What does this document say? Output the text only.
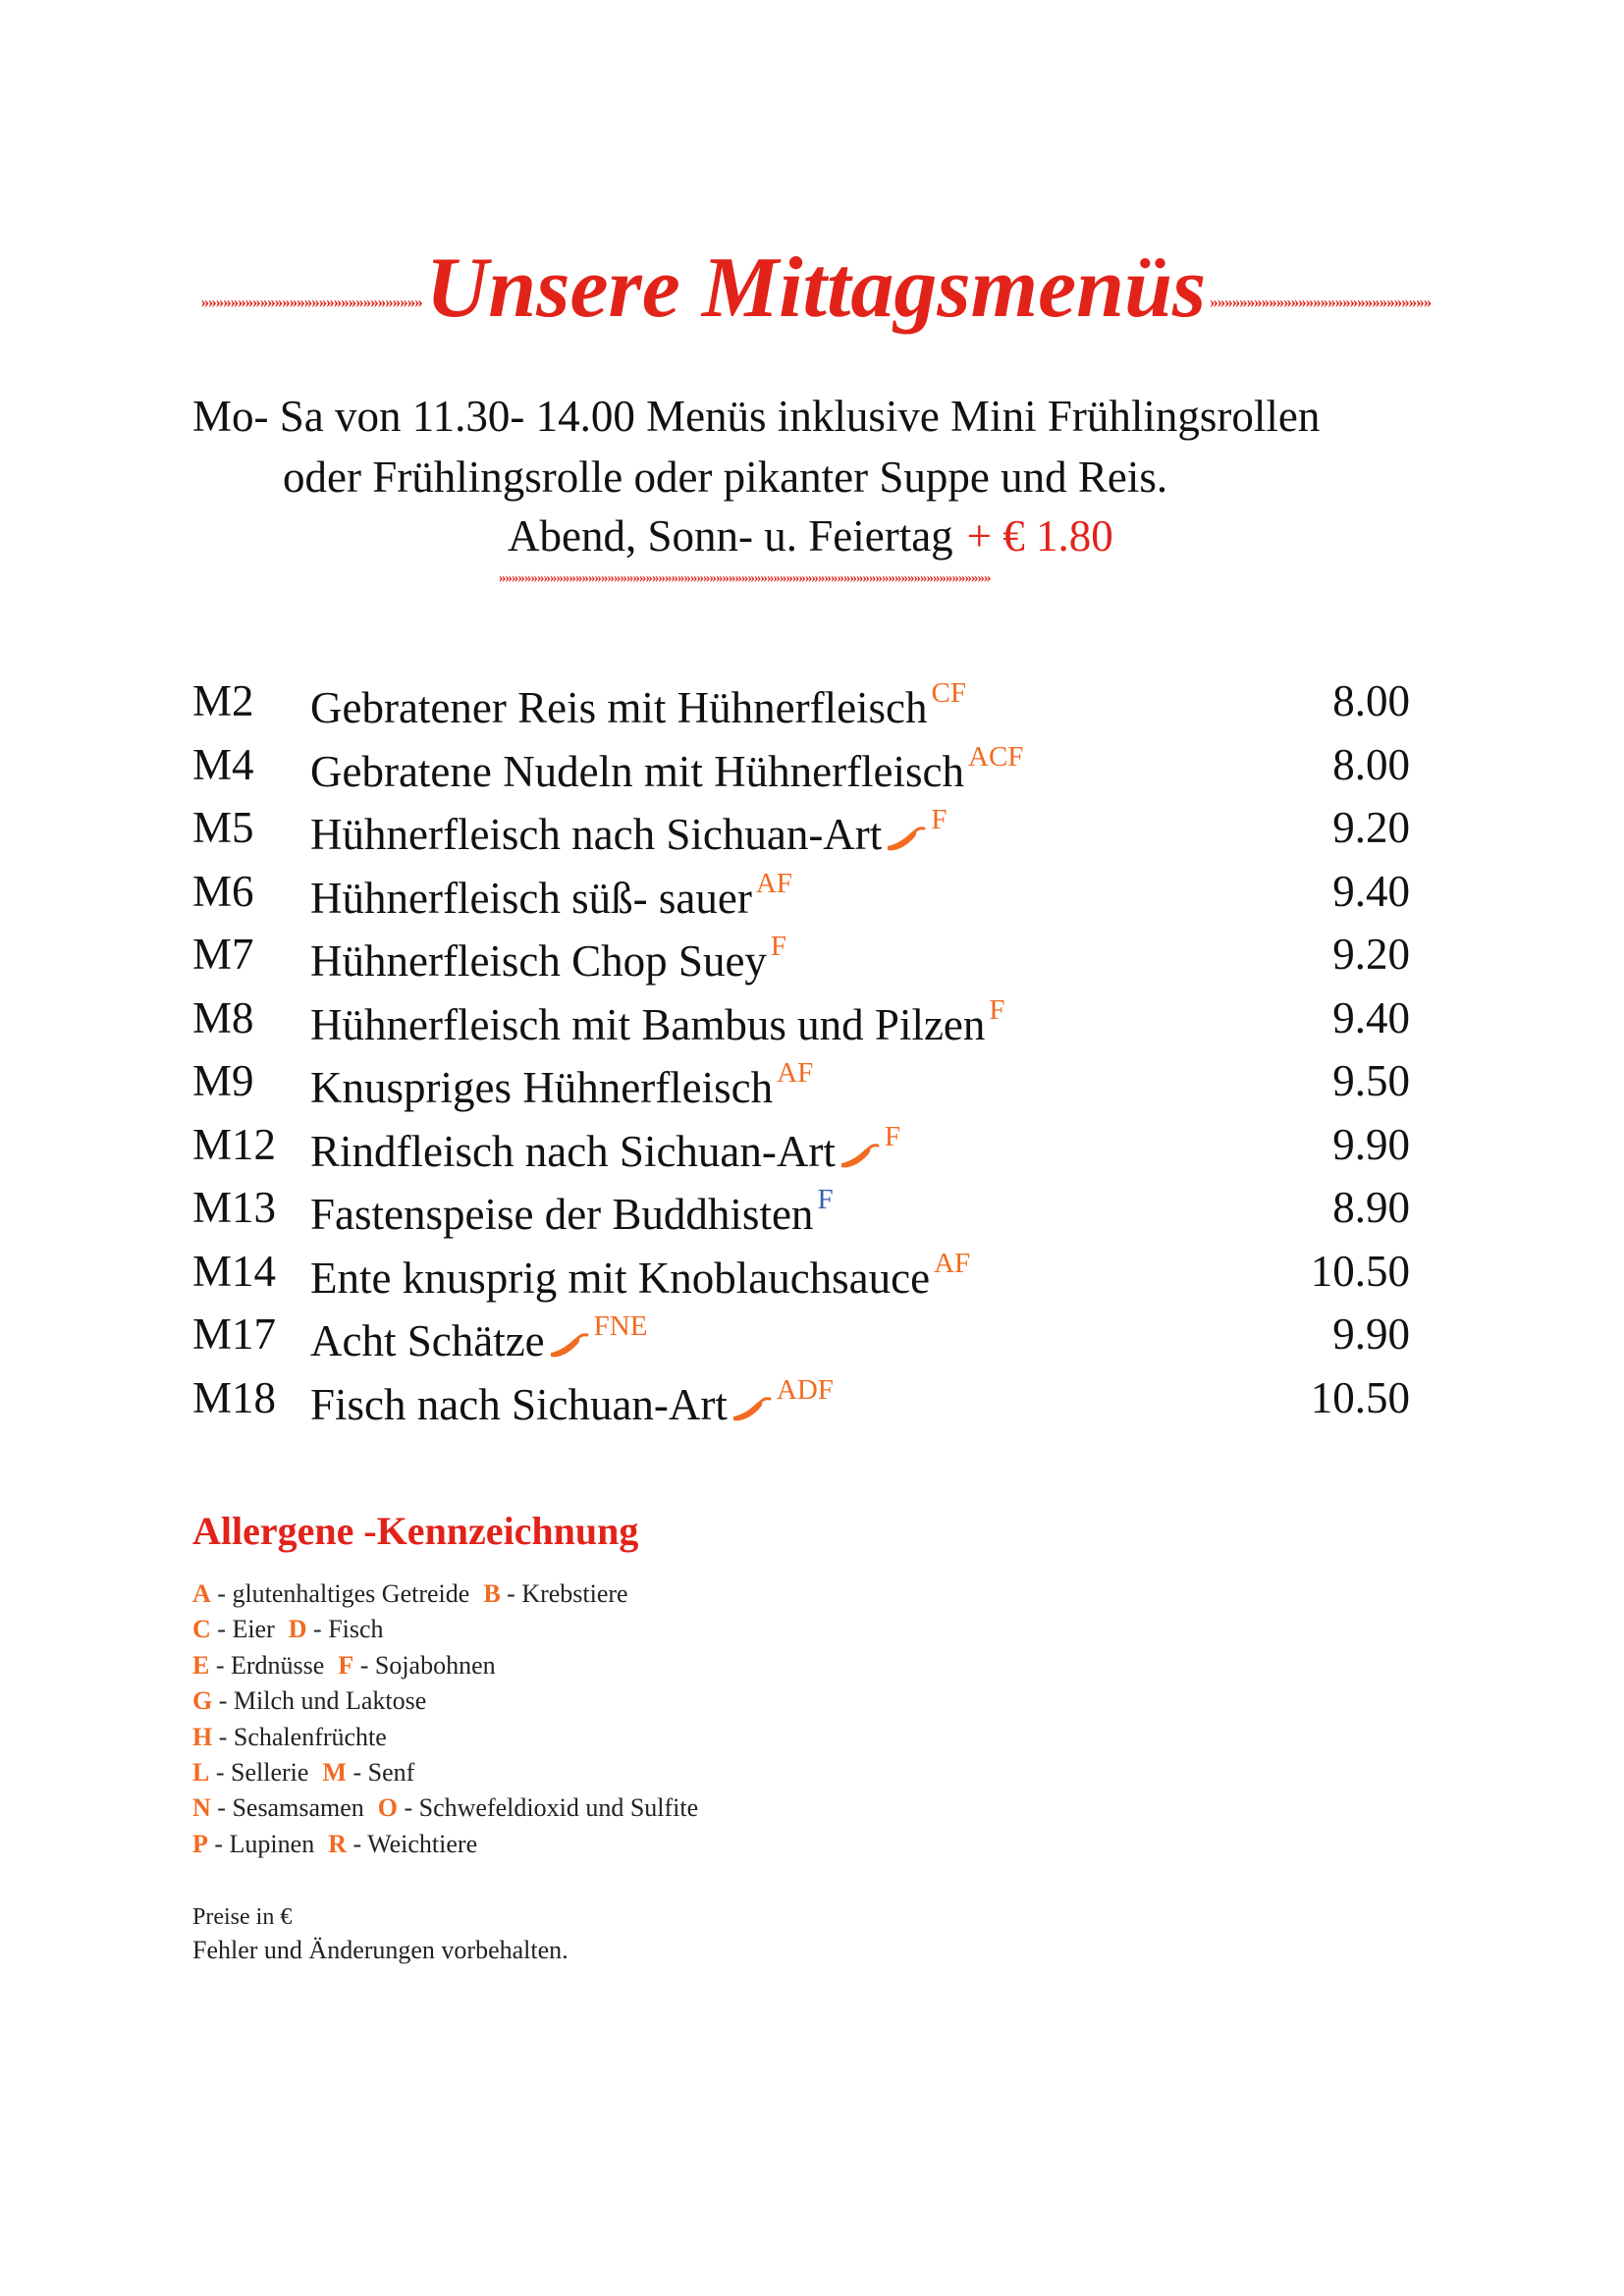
»»»»»»»»»»»»»»»»»»»»»»»»»»»»»» Unsere Mittagsmenüs »»»»»»»»»»»»»»»»»»»»»»»»»»»»»»
Mo- Sa von 11.30- 14.00 Menüs inklusive Mini Frühlingsrollen
oder Frühlingsrolle oder pikanter Suppe und Reis.
Abend, Sonn- u. Feiertag + € 1.80
»»»»»»»»»»»»»»»»»»»»»»»»»»»»»»»»»»»»»»»»»»»»»»»»»»»»»»»»»»»»»»»»»»»»»»»»»»»»»
M2 Gebratener Reis mit Hühnerfleisch $^{CF}$	8.00
M4 Gebratene Nudeln mit Hühnerfleisch $^{ACF}$	8.00
M5 Hühnerfleisch nach Sichuan-Art $^F$	9.20
M6 Hühnerfleisch süß- sauer $^{AF}$	9.40
M7 Hühnerfleisch Chop Suey $^F$	9.20
M8 Hühnerfleisch mit Bambus und Pilzen $^F$	9.40
M9 Knuspriges Hühnerfleisch $^{AF}$	9.50
M12 Rindfleisch nach Sichuan-Art $^F$	9.90
M13 Fastenspeise der Buddhisten $^F$	8.90
M14 Ente knusprig mit Knoblauchsauce $^{AF}$	10.50
M17 Acht Schätze $^{FNE}$	9.90
M18 Fisch nach Sichuan-Art $^{ADF}$	10.50
Allergene -Kennzeichnung
A - glutenhaltiges Getreide B - Krebstiere
C - Eier D - Fisch
E - Erdnüsse F - Sojabohnen
G - Milch und Laktose
H - Schalenfrüchte
L - Sellerie M - Senf
N - Sesamsamen O - Schwefeldioxid und Sulfite
P - Lupinen R - Weichtiere
Preise in €
Fehler und Änderungen vorbehalten.
